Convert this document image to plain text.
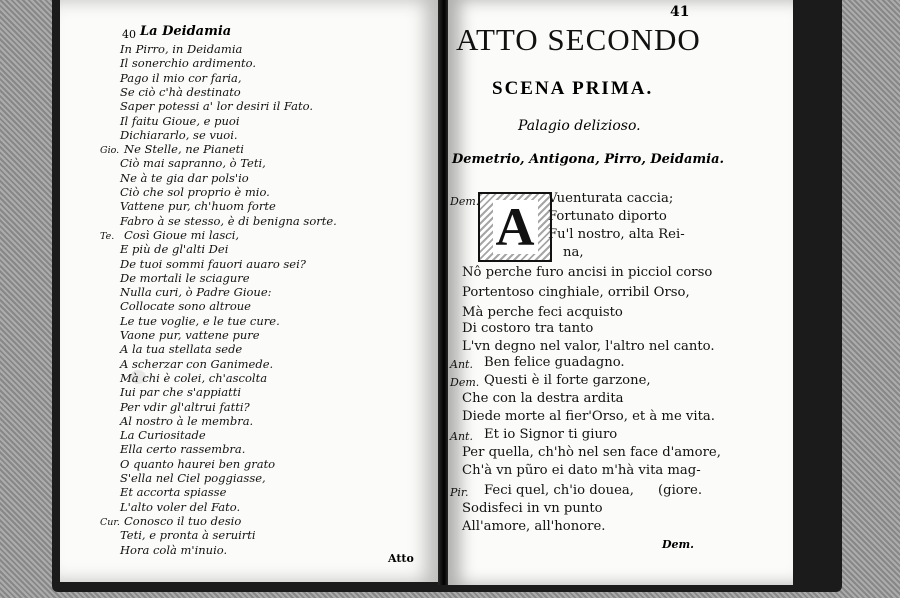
40 La Deidamia
In Pirro, in Deidamia
Il sonerchio ardimento.
Pago il mio cor faria,
Se ciò c'hà destinato
Saper potessi a' lor desiri il Fato.
Il faitu Gioue, e puoi
Dichiararlo, se vuoi.
Gio. Ne Stelle, ne Pianeti
Ciò mai sapranno, ò Teti,
Ne à te gia dar pols'io
Ciò che sol proprio è mio.
Vattene pur, ch'huom forte
Fabro à se stesso, è di benigna sorte.
Te. Così Gioue mi lasci,
E più de gl'alti Dei
De tuoi sommi fauori auaro sei?
De mortali le sciagure
Nulla curi, ò Padre Gioue:
Collocate sono altroue
Le tue voglie, e le tue cure.
Vaone pur, vattene pure
A la tua stellata sede
A scherzar con Ganimede.
Mà chi è colei, ch'ascolta
Iui par che s'appiatti
Per vdir gl'altrui fatti?
Al nostro à le membra.
La Curiositade
Ella certo rassembra.
O quanto haurei ben grato
S'ella nel Ciel poggiasse,
Et accorta spiasse
L'alto voler del Fato.
Cur. Conosco il tuo desio
Teti, e pronta à seruirti
Hora colà m'inuio.
Atto
ATTO SECONDO
41
SCENA PRIMA.
Palagio delizioso.
Demetrio, Antigona, Pirro, Deidamia.
A
Dem.	Vuenturata caccia;
Fortunato diporto
Fu'l nostro, alta Rei-
na,
Nô perche furo ancisi in picciol corso
Portentoso cinghiale, orribil Orso,
Mà perche feci acquisto
Di costoro tra tanto
L'vn degno nel valor, l'altro nel canto.
Ant. Ben felice guadagno.
Dem. Questi è il forte garzone,
Che con la destra ardita
Diede morte al fier'Orso, et à me vita.
Ant. Et io Signor ti giuro
Per quella, ch'hò nel sen face d'amore,
Ch'à vn pũro ei dato m'hà vita mag-
Pir. Feci quel, ch'io doueа,
Sodisfeci in vn punto
All'amore, all'honore.
(giore.
Dem.
